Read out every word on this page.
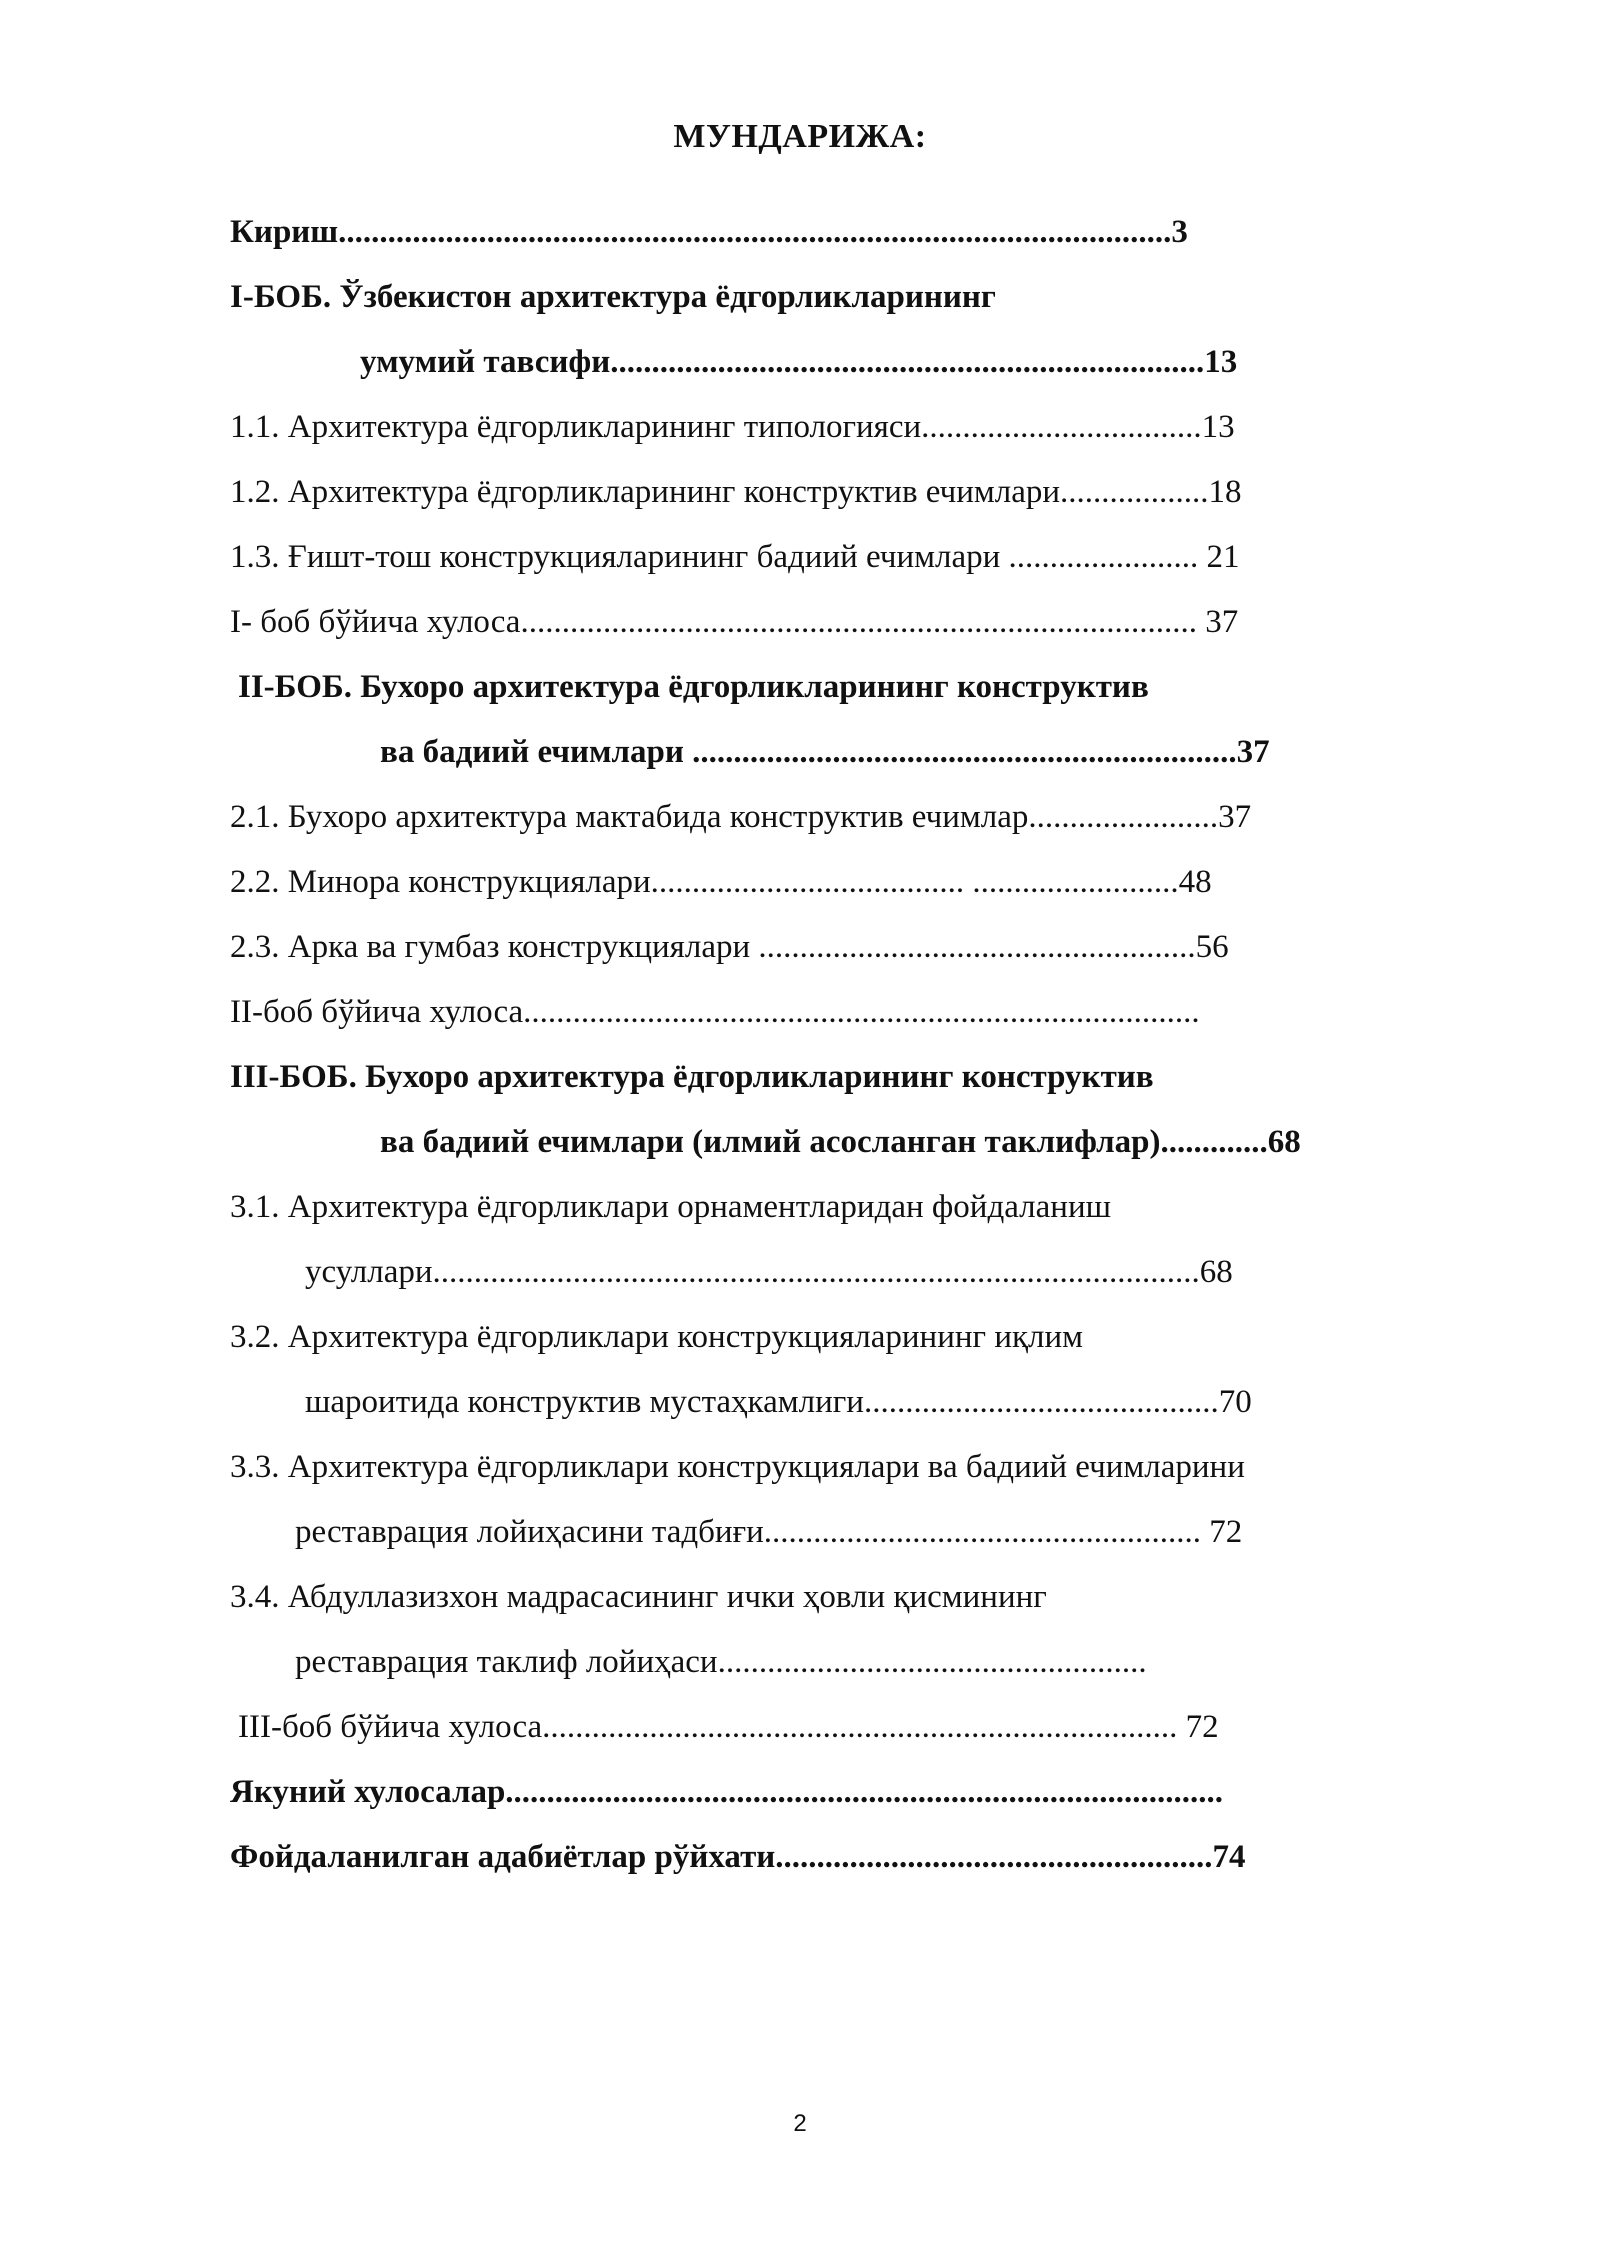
МУНДАРИЖА:
Кириш.....................................................................................................3
I-БОБ. Ўзбекистон архитектура ёдгорликларининг
умумий тавсифи........................................................................13
1.1. Архитектура ёдгорликларининг типологияси..................................13
1.2. Архитектура ёдгорликларининг конструктив ечимлари..................18
1.3. Ғишт-тош конструкцияларининг бадиий ечимлари ....................... 21
I- боб бўйича хулоса.................................................................................. 37
II-БОБ. Бухоро архитектура ёдгорликларининг конструктив
ва бадиий ечимлари ..................................................................37
2.1. Бухоро архитектура мактабида конструктив ечимлар.......................37
2.2. Минора конструкциялари...................................... .........................48
2.3. Арка ва гумбаз конструкциялари .....................................................56
II-боб бўйича хулоса..................................................................................
III-БОБ. Бухоро архитектура ёдгорликларининг конструктив
ва бадиий ечимлари (илмий асосланган таклифлар).............68
3.1. Архитектура ёдгорликлари орнаментларидан фойдаланиш
усуллари.............................................................................................68
3.2. Архитектура ёдгорликлари конструкцияларининг иқлим
шароитида конструктив мустаҳкамлиги...........................................70
3.3. Архитектура ёдгорликлари конструкциялари ва бадиий ечимларини
реставрация лойиҳасини тадбиғи..................................................... 72
3.4. Абдуллазизхон мадрасасининг ички ҳовли қисмининг
реставрация таклиф лойиҳаси....................................................
III-боб бўйича хулоса............................................................................. 72
Якуний хулосалар.......................................................................................
Фойдаланилган адабиётлар рўйхати.....................................................74
2
